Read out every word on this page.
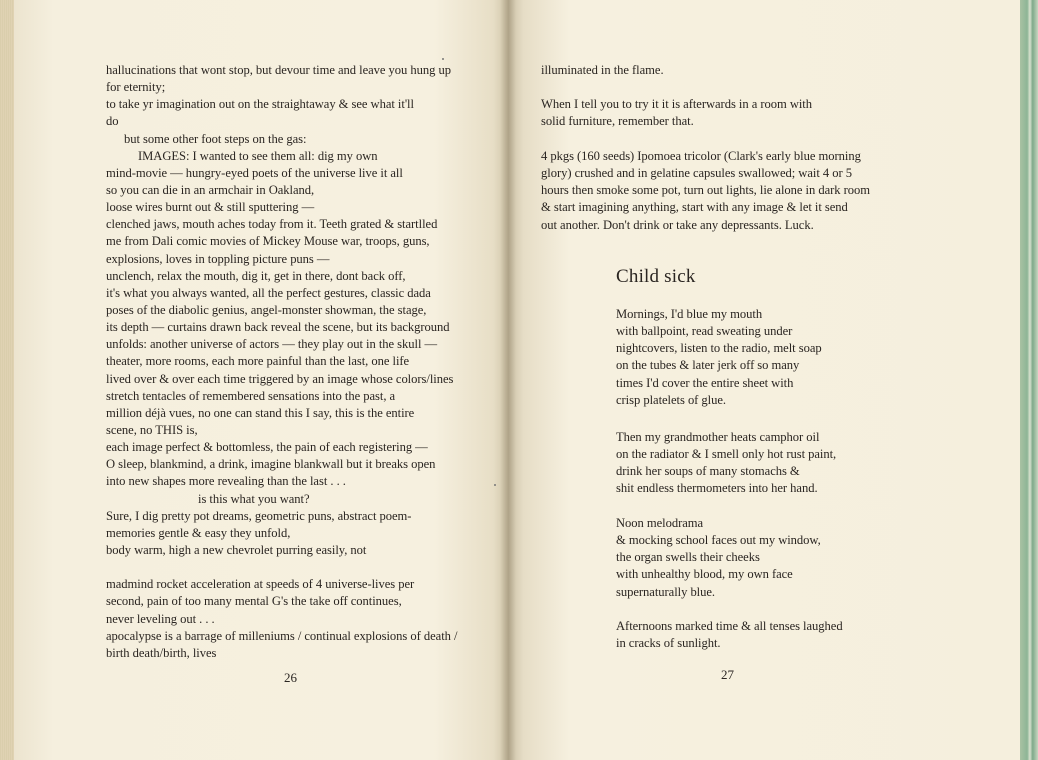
hallucinations that wont stop, but devour time and leave you hung up
for eternity;
to take yr imagination out on the straightaway & see what it'll
do
but some other foot steps on the gas:
IMAGES: I wanted to see them all: dig my own
mind-movie — hungry-eyed poets of the universe live it all
so you can die in an armchair in Oakland,
loose wires burnt out & still sputtering —
clenched jaws, mouth aches today from it. Teeth grated & startlled
me from Dali comic movies of Mickey Mouse war, troops, guns,
explosions, loves in toppling picture puns —
unclench, relax the mouth, dig it, get in there, dont back off,
it's what you always wanted, all the perfect gestures, classic dada
poses of the diabolic genius, angel-monster showman, the stage,
its depth — curtains drawn back reveal the scene, but its background
unfolds: another universe of actors — they play out in the skull —
theater, more rooms, each more painful than the last, one life
lived over & over each time triggered by an image whose colors/lines
stretch tentacles of remembered sensations into the past, a
million déjà vues, no one can stand this I say, this is the entire
scene, no THIS is,
each image perfect & bottomless, the pain of each registering —
O sleep, blankmind, a drink, imagine blankwall but it breaks open
into new shapes more revealing than the last . . .
is this what you want?
Sure, I dig pretty pot dreams, geometric puns, abstract poem-
memories gentle & easy they unfold,
body warm, high a new chevrolet purring easily, not
madmind rocket acceleration at speeds of 4 universe-lives per
second, pain of too many mental G's the take off continues,
never leveling out . . .
apocalypse is a barrage of milleniums / continual explosions of death /
birth death/birth, lives
26
illuminated in the flame.
When I tell you to try it it is afterwards in a room with
solid furniture, remember that.
4 pkgs (160 seeds) Ipomoea tricolor (Clark's early blue morning
glory) crushed and in gelatine capsules swallowed; wait 4 or 5
hours then smoke some pot, turn out lights, lie alone in dark room
& start imagining anything, start with any image & let it send
out another. Don't drink or take any depressants. Luck.
Child sick
Mornings, I'd blue my mouth
with ballpoint, read sweating under
nightcovers, listen to the radio, melt soap
on the tubes & later jerk off so many
times I'd cover the entire sheet with
crisp platelets of glue.
Then my grandmother heats camphor oil
on the radiator & I smell only hot rust paint,
drink her soups of many stomachs &
shit endless thermometers into her hand.
Noon melodrama
& mocking school faces out my window,
the organ swells their cheeks
with unhealthy blood, my own face
supernaturally blue.
Afternoons marked time & all tenses laughed
in cracks of sunlight.
27
